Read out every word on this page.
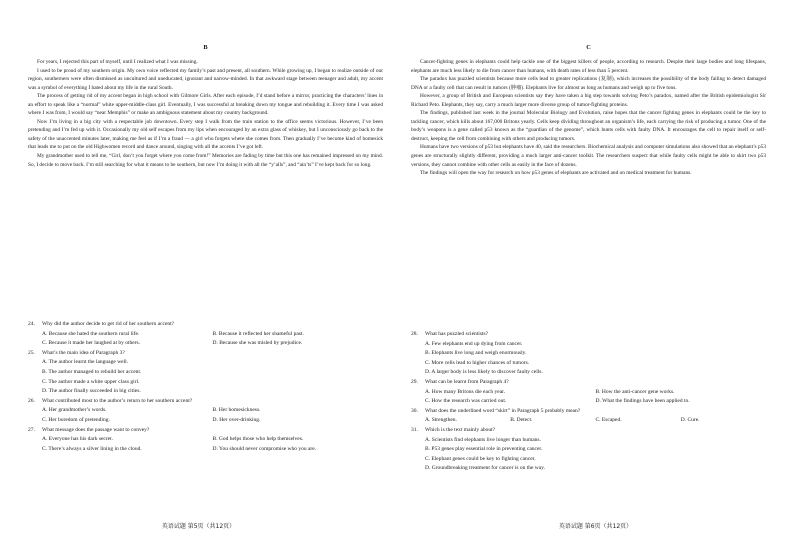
B

For years, I rejected this part of myself, until I realized what I was missing.

I used to be proud of my southern origin. My own voice reflected my family’s past and present, all southern. While growing up, I began to realize outside of our region, southerners were often dismissed as uncultured and uneducated, ignorant and narrow-minded. In that awkward stage between teenager and adult, my accent was a symbol of everything I hated about my life in the rural South.

The process of getting rid of my accent began in high school with Gilmore Girls. After each episode, I’d stand before a mirror, practicing the characters’ lines in an effort to speak like a “normal” white upper-middle-class girl. Eventually, I was successful at breaking down my tongue and rebuilding it. Every time I was asked where I was from, I would say “near Memphis” or make an ambiguous statement about my country background.

Now I’m living in a big city with a respectable job downtown. Every step I walk from the train station to the office seems victorious. However, I’ve been pretending and I’m fed up with it. Occasionally my old self escapes from my lips when encouraged by an extra glass of whiskey, but I unconsciously go back to the safety of the unaccented minutes later, making me feel as if I’m a fraud — a girl who forgets where she comes from. Then gradually I’ve become kind of homesick that leads me to put on the old Highwomen record and dance around, singing with all the accents I’ve got left.

My grandmother used to tell me, “Girl, don’t you forget where you come from!” Memories are fading by time but this one has remained impressed on my mind. So, I decide to move back. I’m still searching for what it means to be southern, but now I’m doing it with all the “y’alls”, and “ain’ts” I’ve kept back for so long.

24.	Why did the author decide to get rid of her southern accent?
A. Because she hated the southern rural life.	B. Because it reflected her shameful past.
C. Because it made her laughed at by others.	D. Because she was misled by prejudice.
25.	What’s the main idea of Paragraph 3?
A. The author learnt the language well.
B. The author managed to rebuild her accent.
C. The author made a white upper class girl.
D. The author finally succeeded in big cities.
26.	What contributed most to the author’s return to her southern accent?
A. Her grandmother’s words.	B. Her homesickness.
C. Her boredom of pretending.	D. Her over-drinking.
27.	What message does the passage want to convey?
A. Everyone has his dark secret.	B. God helps those who help themselves.
C. There’s always a silver lining in the cloud.	D. You should never compromise who you are.
英语试题 第5页（共12页）
C

Cancer-fighting genes in elephants could help tackle one of the biggest killers of people, according to research. Despite their large bodies and long lifespans, elephants are much less likely to die from cancer than humans, with death rates of less than 5 percent.

The paradox has puzzled scientists because more cells lead to greater replications (复制), which increases the possibility of the body failing to detect damaged DNA or a faulty cell that can result in tumors (肿瘤). Elephants live for almost as long as humans and weigh up to five tons.

However, a group of British and European scientists say they have taken a big step towards solving Peto’s paradox, named after the British epidemiologist Sir Richard Peto. Elephants, they say, carry a much larger more diverse group of tumor-fighting proteins.

The findings, published last week in the journal Molecular Biology and Evolution, raise hopes that the cancer fighting genes in elephants could be the key to tackling cancer, which kills about 167,000 Britons yearly. Cells keep dividing throughout an organism’s life, each carrying the risk of producing a tumor. One of the body’s weapons is a gene called p53 known as the “guardian of the genome”, which hunts cells with faulty DNA. It encourages the cell to repair itself or self-destruct, keeping the cell from combining with others and producing tumors.

Humans have two versions of p53 but elephants have 40, said the researchers. Biochemical analysis and computer simulations also showed that an elephant’s p53 genes are structurally slightly different, providing a much larger anti-cancer toolkit. The researchers suspect that while faulty cells might be able to skirt two p53 versions, they cannot combine with other cells as easily in the face of dozens.

The findings will open the way for research on how p53 genes of elephants are activated and on medical treatment for humans.

28.	What has puzzled scientists?
A. Few elephants end up dying from cancer.
B. Elephants live long and weigh enormously.
C. More cells lead to higher chances of tumors.
D. A larger body is less likely to discover faulty cells.
29.	What can be learnt from Paragraph 4?
A. How many Britons die each year.	B. How the anti-cancer gene works.
C. How the research was carried out.	D. What the findings have been applied to.
30.	What does the underlined word “skirt” in Paragraph 5 probably mean?
A. Strengthen.	B. Detect.	C. Escaped.	D. Cure.
31.	Which is the text mainly about?
A. Scientists find elephants live longer than humans.
B. P53 genes play essential role in preventing cancer.
C. Elephant genes could be key to fighting cancer.
D. Groundbreaking treatment for cancer is on the way.
英语试题 第6页（共12页）
